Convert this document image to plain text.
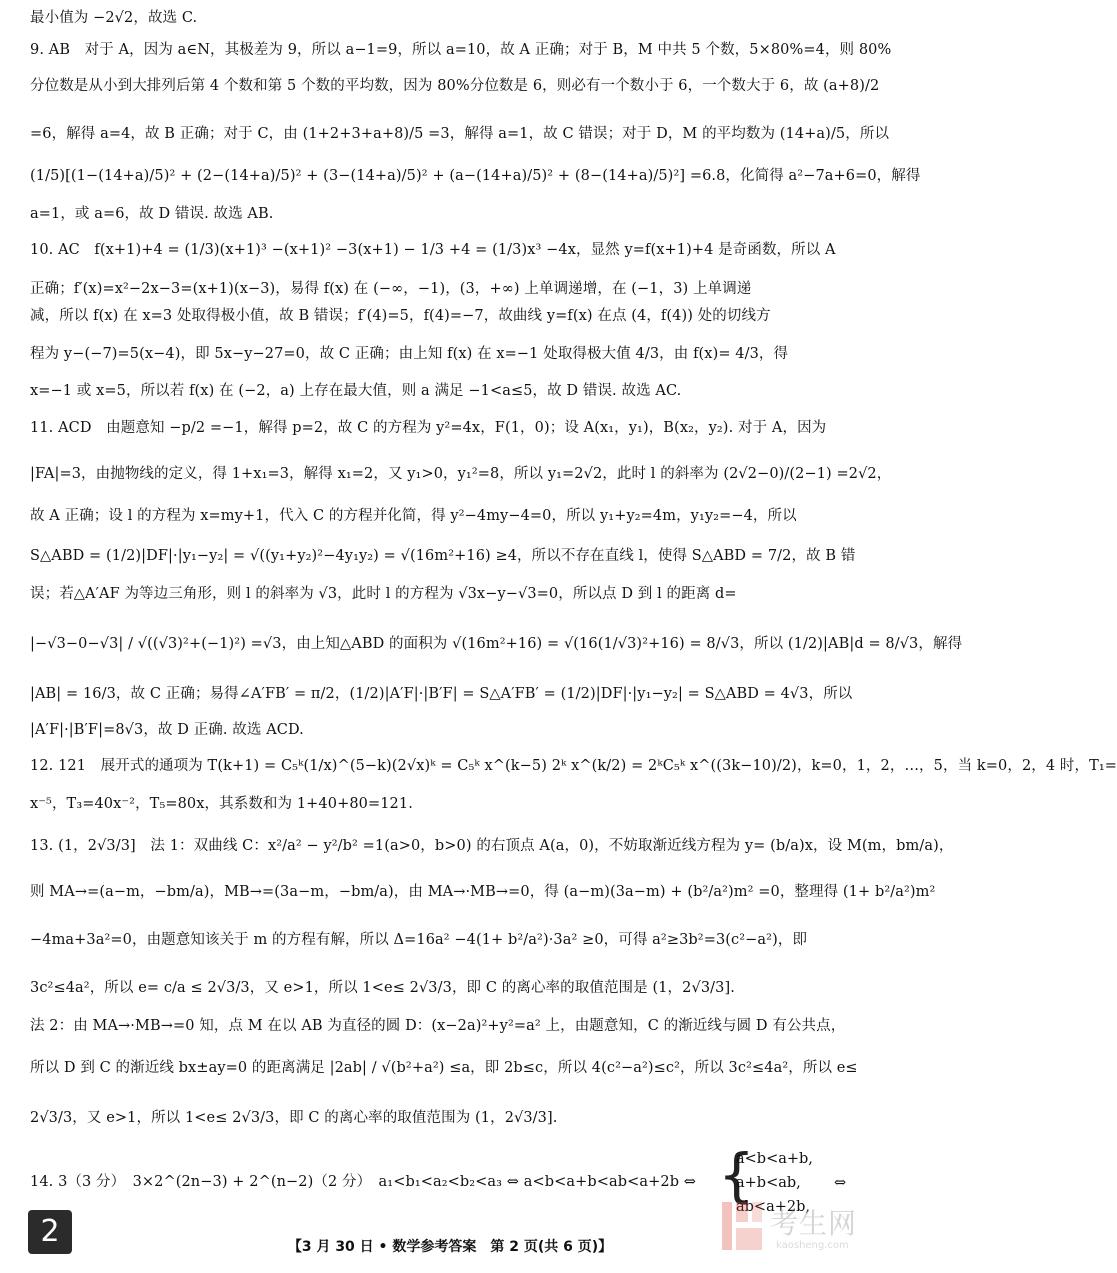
最小值为 −2√2，故选 C.
9. AB　对于 A，因为 a∈N，其极差为 9，所以 a−1=9，所以 a=10，故 A 正确；对于 B，M 中共 5 个数，5×80%=4，则 80%
分位数是从小到大排列后第 4 个数和第 5 个数的平均数，因为 80%分位数是 6，则必有一个数小于 6，一个数大于 6，故 (a+8)/2
=6，解得 a=4，故 B 正确；对于 C，由 (1+2+3+a+8)/5 =3，解得 a=1，故 C 错误；对于 D，M 的平均数为 (14+a)/5，所以
(1/5)[(1−(14+a)/5)² + (2−(14+a)/5)² + (3−(14+a)/5)² + (a−(14+a)/5)² + (8−(14+a)/5)²] =6.8，化简得 a²−7a+6=0，解得
a=1，或 a=6，故 D 错误. 故选 AB.
10. AC　f(x+1)+4 = (1/3)(x+1)³ −(x+1)² −3(x+1) − 1/3 +4 = (1/3)x³ −4x，显然 y=f(x+1)+4 是奇函数，所以 A
正确；f′(x)=x²−2x−3=(x+1)(x−3)，易得 f(x) 在 (−∞，−1)，(3，+∞) 上单调递增，在 (−1，3) 上单调递
减，所以 f(x) 在 x=3 处取得极小值，故 B 错误；f′(4)=5，f(4)=−7，故曲线 y=f(x) 在点 (4，f(4)) 处的切线方
程为 y−(−7)=5(x−4)，即 5x−y−27=0，故 C 正确；由上知 f(x) 在 x=−1 处取得极大值 4/3，由 f(x)= 4/3，得
x=−1 或 x=5，所以若 f(x) 在 (−2，a) 上存在最大值，则 a 满足 −1<a≤5，故 D 错误. 故选 AC.
11. ACD　由题意知 −p/2 =−1，解得 p=2，故 C 的方程为 y²=4x，F(1，0)；设 A(x₁，y₁)，B(x₂，y₂). 对于 A，因为
|FA|=3，由抛物线的定义，得 1+x₁=3，解得 x₁=2，又 y₁>0，y₁²=8，所以 y₁=2√2，此时 l 的斜率为 (2√2−0)/(2−1) =2√2，
故 A 正确；设 l 的方程为 x=my+1，代入 C 的方程并化简，得 y²−4my−4=0，所以 y₁+y₂=4m，y₁y₂=−4，所以
S△ABD = (1/2)|DF|·|y₁−y₂| = √((y₁+y₂)²−4y₁y₂) = √(16m²+16) ≥4，所以不存在直线 l，使得 S△ABD = 7/2，故 B 错
误；若△A′AF 为等边三角形，则 l 的斜率为 √3，此时 l 的方程为 √3x−y−√3=0，所以点 D 到 l 的距离 d=
|−√3−0−√3| / √((√3)²+(−1)²) =√3，由上知△ABD 的面积为 √(16m²+16) = √(16(1/√3)²+16) = 8/√3，所以 (1/2)|AB|d = 8/√3，解得
|AB| = 16/3，故 C 正确；易得∠A′FB′ = π/2，(1/2)|A′F|·|B′F| = S△A′FB′ = (1/2)|DF|·|y₁−y₂| = S△ABD = 4√3，所以
|A′F|·|B′F|=8√3，故 D 正确. 故选 ACD.
12. 121　展开式的通项为 T(k+1) = C₅ᵏ(1/x)^(5−k)(2√x)ᵏ = C₅ᵏ x^(k−5) 2ᵏ x^(k/2) = 2ᵏC₅ᵏ x^((3k−10)/2)，k=0，1，2，…，5，当 k=0，2，4 时，T₁=
x⁻⁵，T₃=40x⁻²，T₅=80x，其系数和为 1+40+80=121.
13. (1，2√3/3]　法 1：双曲线 C：x²/a² − y²/b² =1(a>0，b>0) 的右顶点 A(a，0)，不妨取渐近线方程为 y= (b/a)x，设 M(m，bm/a)，
则 MA→=(a−m，−bm/a)，MB→=(3a−m，−bm/a)，由 MA→·MB→=0，得 (a−m)(3a−m) + (b²/a²)m² =0，整理得 (1+ b²/a²)m²
−4ma+3a²=0，由题意知该关于 m 的方程有解，所以 Δ=16a² −4(1+ b²/a²)·3a² ≥0，可得 a²≥3b²=3(c²−a²)，即
3c²≤4a²，所以 e= c/a ≤ 2√3/3，又 e>1，所以 1<e≤ 2√3/3，即 C 的离心率的取值范围是 (1，2√3/3].
法 2：由 MA→·MB→=0 知，点 M 在以 AB 为直径的圆 D：(x−2a)²+y²=a² 上，由题意知，C 的渐近线与圆 D 有公共点，
所以 D 到 C 的渐近线 bx±ay=0 的距离满足 |2ab| / √(b²+a²) ≤a，即 2b≤c，所以 4(c²−a²)≤c²，所以 3c²≤4a²，所以 e≤
2√3/3，又 e>1，所以 1<e≤ 2√3/3，即 C 的离心率的取值范围为 (1，2√3/3].
14. 3（3 分）　3×2^(2n−3) + 2^(n−2)（2 分）　a₁<b₁<a₂<b₂<a₃ ⇔ a<b<a+b<ab<a+2b ⇔ {
a<b<a+b,
a+b<ab,
ab<a+2b,
⇔
2	【3 月 30 日 • 数学参考答案　第 2 页(共 6 页)】
考生网
kaosheng.com
